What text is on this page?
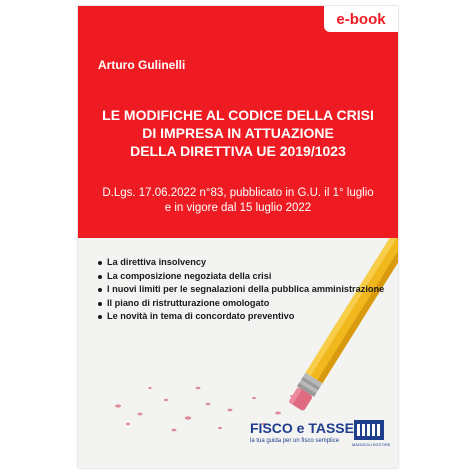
e-book
Arturo Gulinelli
LE MODIFICHE AL CODICE DELLA CRISI
DI IMPRESA IN ATTUAZIONE
DELLA DIRETTIVA UE 2019/1023
D.Lgs. 17.06.2022 n°83, pubblicato in G.U. il 1° luglio
e in vigore dal 15 luglio 2022
La direttiva insolvency
La composizione negoziata della crisi
I nuovi limiti per le segnalazioni della pubblica amministrazione
Il piano di ristrutturazione omologato
Le novità in tema di concordato preventivo
FISCO e TASSE
la tua guida per un fisco semplice
MAGGIOLI EDITORE
